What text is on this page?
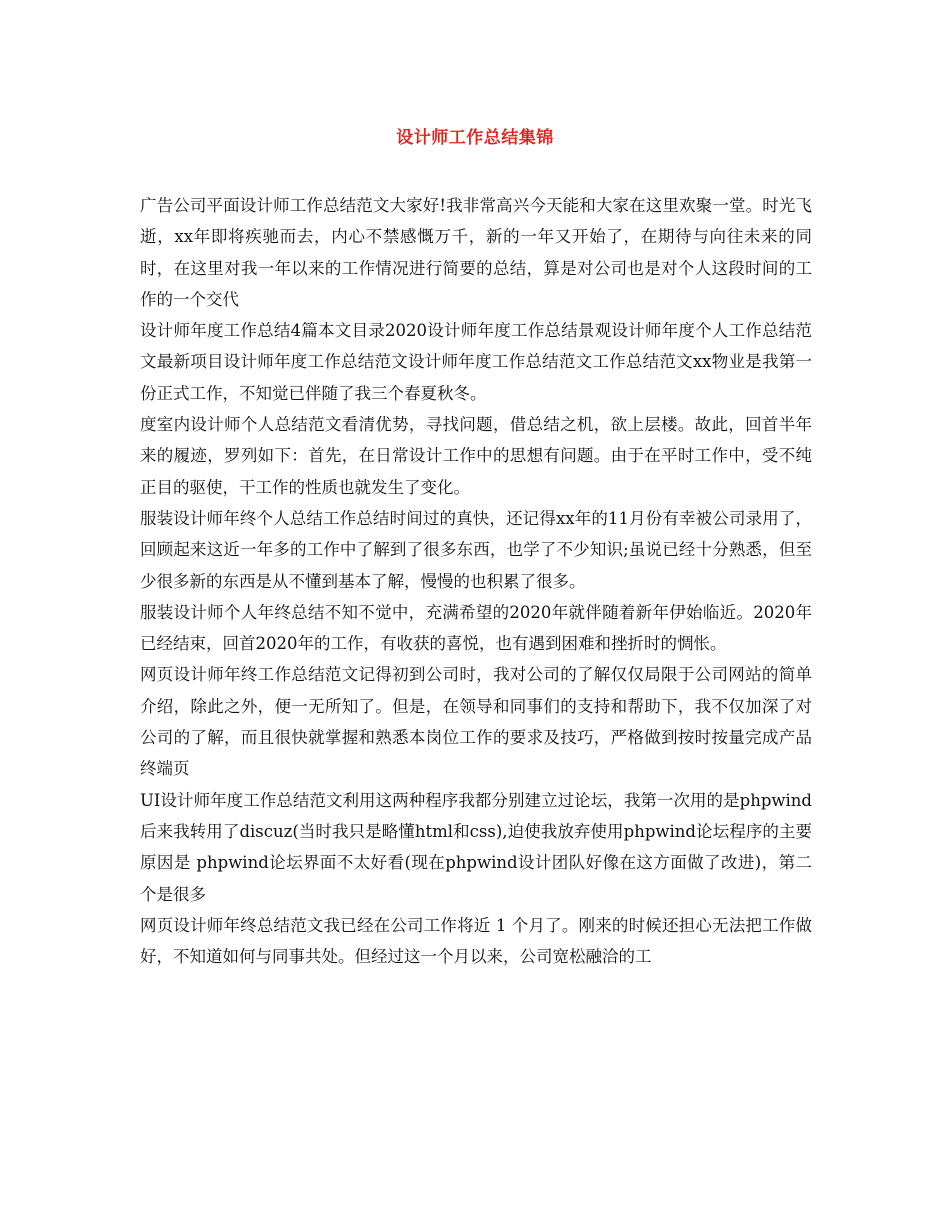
设计师工作总结集锦

广告公司平面设计师工作总结范文大家好!我非常高兴今天能和大家在这里欢聚一堂。时光飞逝，xx年即将疾驰而去，内心不禁感慨万千，新的一年又开始了，在期待与向往未来的同时，在这里对我一年以来的工作情况进行简要的总结，算是对公司也是对个人这段时间的工作的一个交代

设计师年度工作总结4篇本文目录2020设计师年度工作总结景观设计师年度个人工作总结范文最新项目设计师年度工作总结范文设计师年度工作总结范文工作总结范文xx物业是我第一份正式工作，不知觉已伴随了我三个春夏秋冬。

度室内设计师个人总结范文看清优势，寻找问题，借总结之机，欲上层楼。故此，回首半年来的履迹，罗列如下：首先，在日常设计工作中的思想有问题。由于在平时工作中，受不纯正目的驱使，干工作的性质也就发生了变化。

服装设计师年终个人总结工作总结时间过的真快，还记得xx年的11月份有幸被公司录用了，回顾起来这近一年多的工作中了解到了很多东西，也学了不少知识;虽说已经十分熟悉，但至少很多新的东西是从不懂到基本了解，慢慢的也积累了很多。

服装设计师个人年终总结不知不觉中，充满希望的2020年就伴随着新年伊始临近。2020年已经结束，回首2020年的工作，有收获的喜悦，也有遇到困难和挫折时的惆怅。

网页设计师年终工作总结范文记得初到公司时，我对公司的了解仅仅局限于公司网站的简单介绍，除此之外，便一无所知了。但是，在领导和同事们的支持和帮助下，我不仅加深了对公司的了解，而且很快就掌握和熟悉本岗位工作的要求及技巧，严格做到按时按量完成产品终端页

UI设计师年度工作总结范文利用这两种程序我都分别建立过论坛，我第一次用的是phpwind 后来我转用了discuz(当时我只是略懂html和css),迫使我放弃使用phpwind论坛程序的主要原因是 phpwind论坛界面不太好看(现在phpwind设计团队好像在这方面做了改进)，第二个是很多

网页设计师年终总结范文我已经在公司工作将近 1 个月了。刚来的时候还担心无法把工作做好，不知道如何与同事共处。但经过这一个月以来，公司宽松融洽的工
